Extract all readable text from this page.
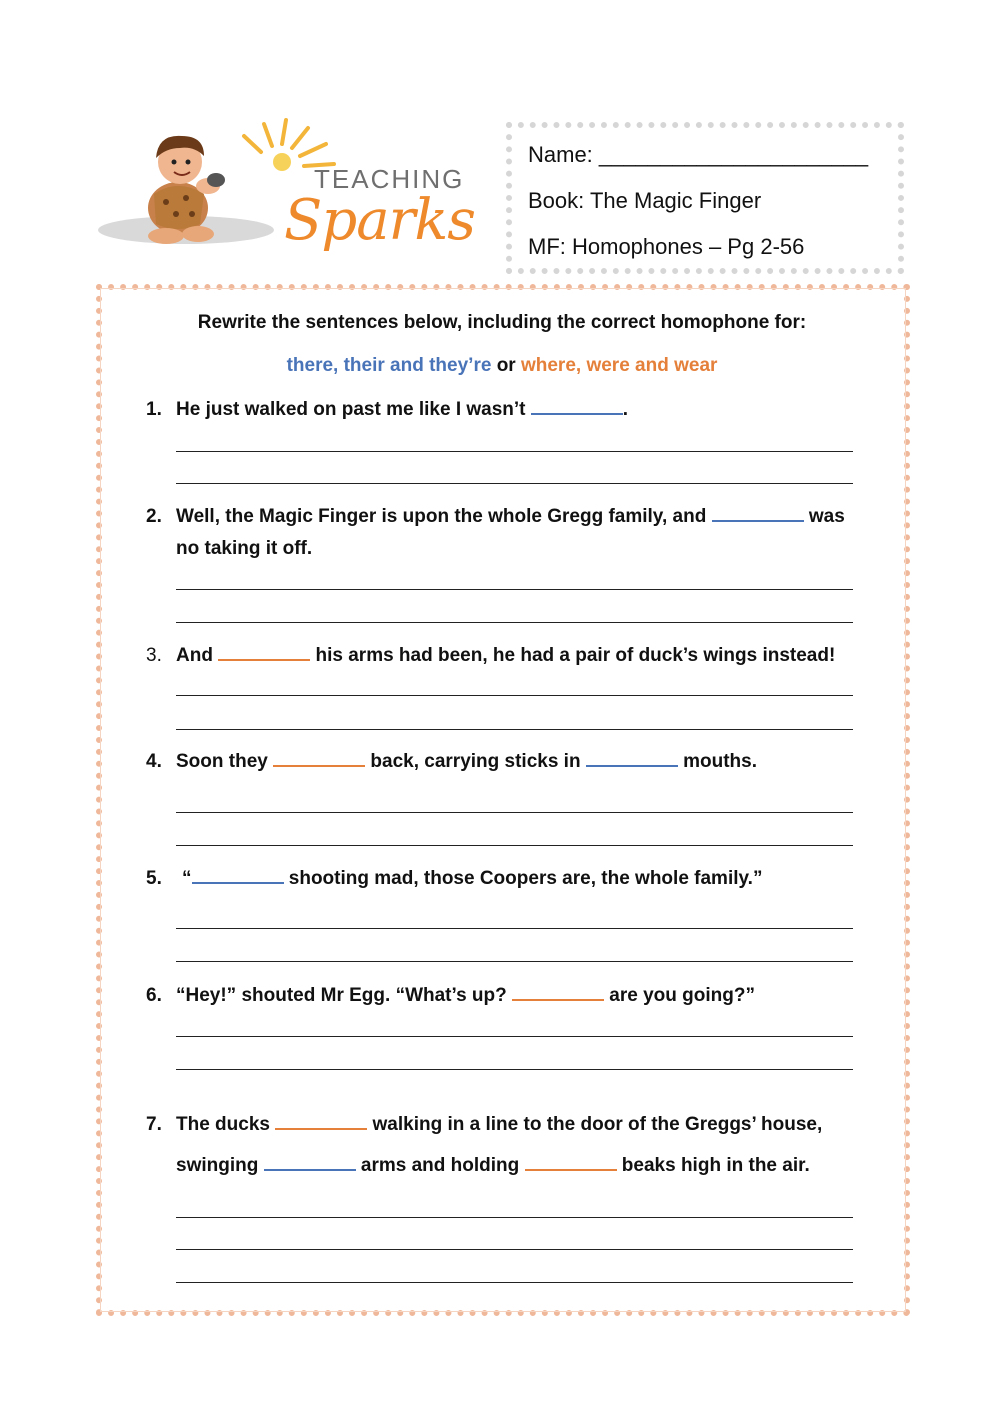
TEACHING
Sparks
Name: ______________________
Book: The Magic Finger
MF: Homophones – Pg 2-56
Rewrite the sentences below, including the correct homophone for:
there, their and they’re or where, were and wear
1. He just walked on past me like I wasn’t	.
2. Well, the Magic Finger is upon the whole Gregg family, and	was
no taking it off.
3. And	his arms had been, he had a pair of duck’s wings instead!
4. Soon they	back, carrying sticks in	mouths.
5. “	shooting mad, those Coopers are, the whole family.”
6. “Hey!” shouted Mr Egg. “What’s up?	are you going?”
7. The ducks	walking in a line to the door of the Greggs’ house,
swinging	arms and holding	beaks high in the air.
